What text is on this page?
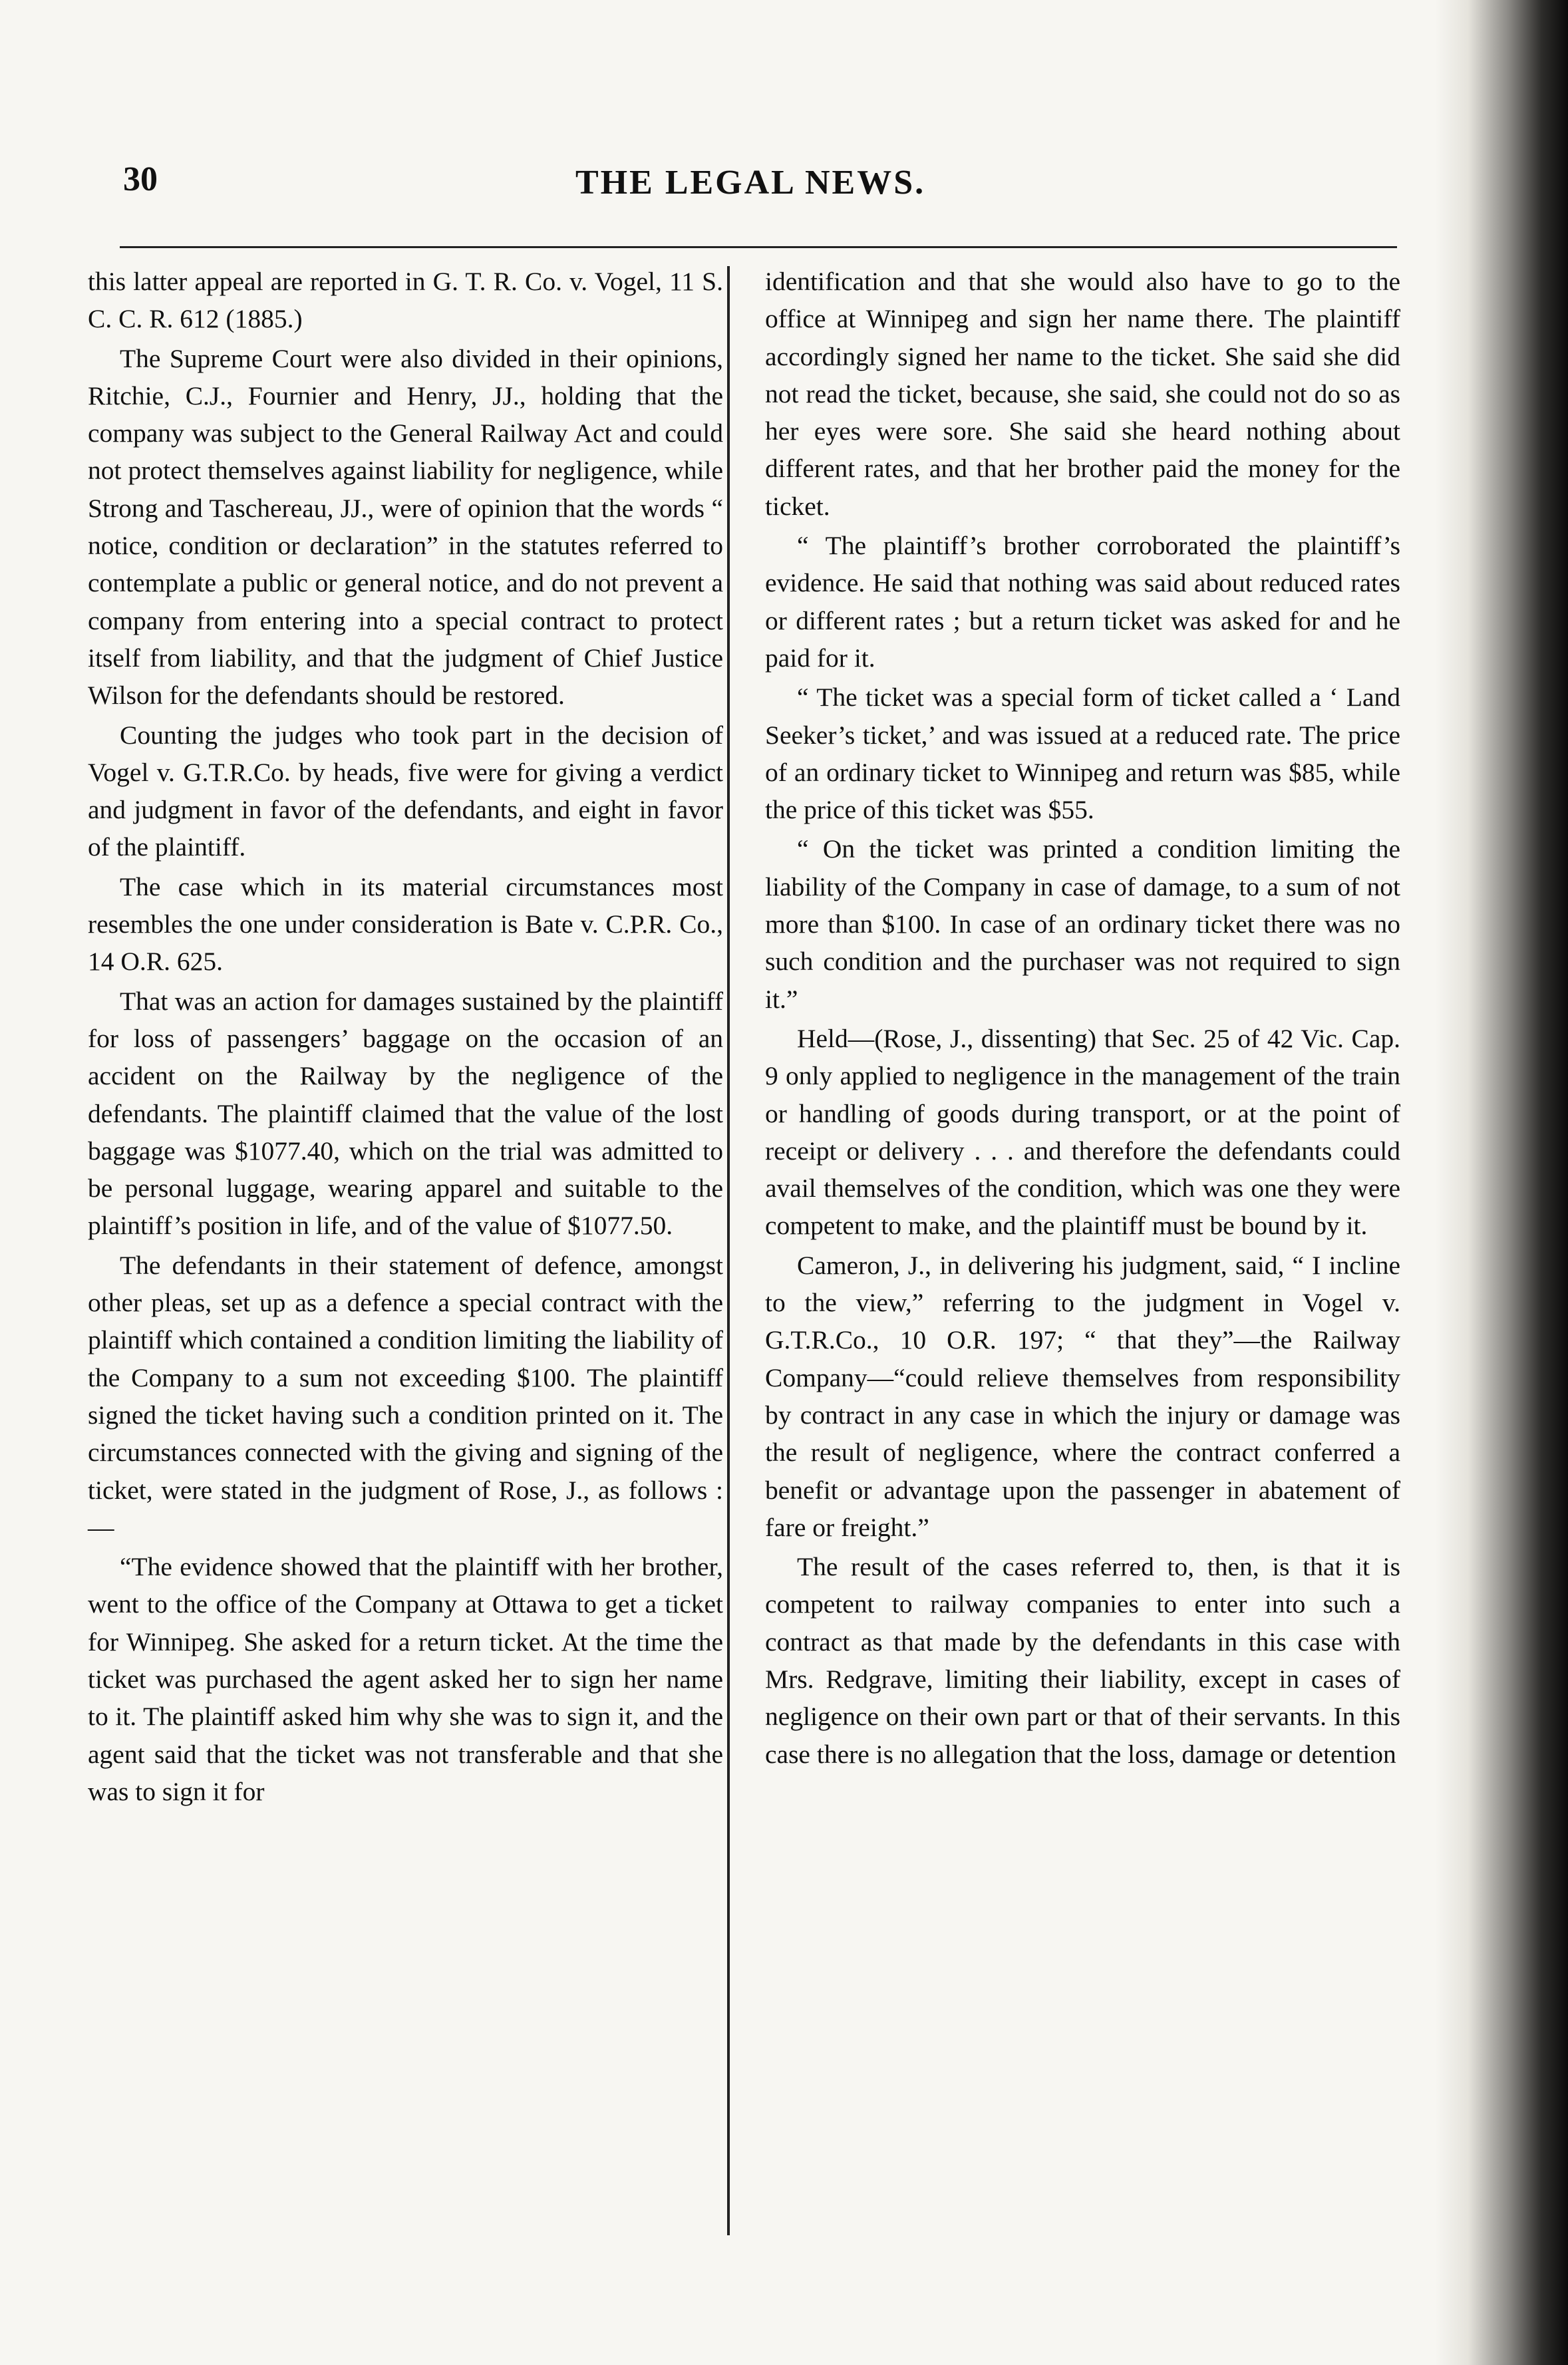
30	THE LEGAL NEWS.

this latter appeal are reported in G. T. R. Co. v. Vogel, 11 S. C. C. R. 612 (1885.)

The Supreme Court were also divided in their opinions, Ritchie, C.J., Fournier and Henry, JJ., holding that the company was subject to the General Railway Act and could not protect themselves against liability for negligence, while Strong and Taschereau, JJ., were of opinion that the words “ notice, condition or declaration” in the statutes referred to contemplate a public or general notice, and do not prevent a company from entering into a special contract to protect itself from liability, and that the judgment of Chief Justice Wilson for the defendants should be restored.

Counting the judges who took part in the decision of Vogel v. G.T.R.Co. by heads, five were for giving a verdict and judgment in favor of the defendants, and eight in favor of the plaintiff.

The case which in its material circumstances most resembles the one under consideration is Bate v. C.P.R. Co., 14 O.R. 625.

That was an action for damages sustained by the plaintiff for loss of passengers’ baggage on the occasion of an accident on the Railway by the negligence of the defendants. The plaintiff claimed that the value of the lost baggage was $1077.40, which on the trial was admitted to be personal luggage, wearing apparel and suitable to the plaintiff’s position in life, and of the value of $1077.50.

The defendants in their statement of defence, amongst other pleas, set up as a defence a special contract with the plaintiff which contained a condition limiting the liability of the Company to a sum not exceeding $100. The plaintiff signed the ticket having such a condition printed on it. The circumstances connected with the giving and signing of the ticket, were stated in the judgment of Rose, J., as follows :—

“The evidence showed that the plaintiff with her brother, went to the office of the Company at Ottawa to get a ticket for Winnipeg. She asked for a return ticket. At the time the ticket was purchased the agent asked her to sign her name to it. The plaintiff asked him why she was to sign it, and the agent said that the ticket was not transferable and that she was to sign it for

identification and that she would also have to go to the office at Winnipeg and sign her name there. The plaintiff accordingly signed her name to the ticket. She said she did not read the ticket, because, she said, she could not do so as her eyes were sore. She said she heard nothing about different rates, and that her brother paid the money for the ticket.

“ The plaintiff’s brother corroborated the plaintiff’s evidence. He said that nothing was said about reduced rates or different rates ; but a return ticket was asked for and he paid for it.

“ The ticket was a special form of ticket called a ‘ Land Seeker’s ticket,’ and was issued at a reduced rate. The price of an ordinary ticket to Winnipeg and return was $85, while the price of this ticket was $55.

“ On the ticket was printed a condition limiting the liability of the Company in case of damage, to a sum of not more than $100. In case of an ordinary ticket there was no such condition and the purchaser was not required to sign it.”

Held—(Rose, J., dissenting) that Sec. 25 of 42 Vic. Cap. 9 only applied to negligence in the management of the train or handling of goods during transport, or at the point of receipt or delivery . . . and therefore the defendants could avail themselves of the condition, which was one they were competent to make, and the plaintiff must be bound by it.

Cameron, J., in delivering his judgment, said, “ I incline to the view,” referring to the judgment in Vogel v. G.T.R.Co., 10 O.R. 197; “ that they”—the Railway Company—“could relieve themselves from responsibility by contract in any case in which the injury or damage was the result of negligence, where the contract conferred a benefit or advantage upon the passenger in abatement of fare or freight.”

The result of the cases referred to, then, is that it is competent to railway companies to enter into such a contract as that made by the defendants in this case with Mrs. Redgrave, limiting their liability, except in cases of negligence on their own part or that of their servants. In this case there is no allegation that the loss, damage or detention
